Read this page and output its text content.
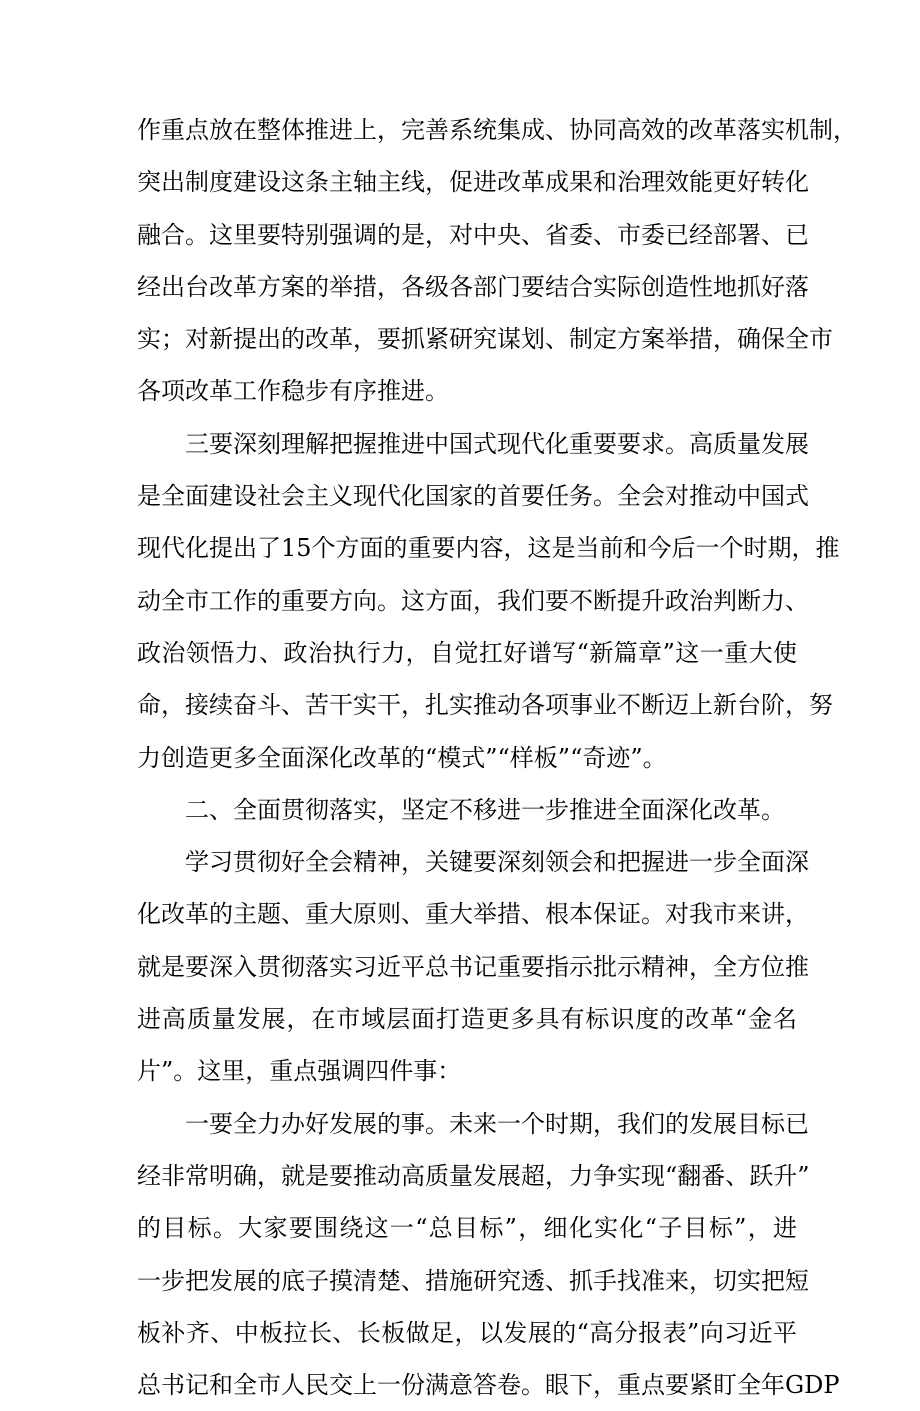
作重点放在整体推进上，完善系统集成、协同高效的改革落实机制，
突出制度建设这条主轴主线，促进改革成果和治理效能更好转化
融合。这里要特别强调的是，对中央、省委、市委已经部署、已
经出台改革方案的举措，各级各部门要结合实际创造性地抓好落
实；对新提出的改革，要抓紧研究谋划、制定方案举措，确保全市
各项改革工作稳步有序推进。
三要深刻理解把握推进中国式现代化重要要求。高质量发展
是全面建设社会主义现代化国家的首要任务。全会对推动中国式
现代化提出了15个方面的重要内容，这是当前和今后一个时期，推
动全市工作的重要方向。这方面，我们要不断提升政治判断力、
政治领悟力、政治执行力，自觉扛好谱写“新篇章”这一重大使
命，接续奋斗、苦干实干，扎实推动各项事业不断迈上新台阶，努
力创造更多全面深化改革的“模式”“样板”“奇迹”。
二、全面贯彻落实，坚定不移进一步推进全面深化改革。
学习贯彻好全会精神，关键要深刻领会和把握进一步全面深
化改革的主题、重大原则、重大举措、根本保证。对我市来讲，
就是要深入贯彻落实习近平总书记重要指示批示精神，全方位推
进高质量发展，在市域层面打造更多具有标识度的改革“金名
片”。这里，重点强调四件事：
一要全力办好发展的事。未来一个时期，我们的发展目标已
经非常明确，就是要推动高质量发展超，力争实现“翻番、跃升”
的目标。大家要围绕这一“总目标”，细化实化“子目标”，进
一步把发展的底子摸清楚、措施研究透、抓手找准来，切实把短
板补齐、中板拉长、长板做足，以发展的“高分报表”向习近平
总书记和全市人民交上一份满意答卷。眼下，重点要紧盯全年GDP
